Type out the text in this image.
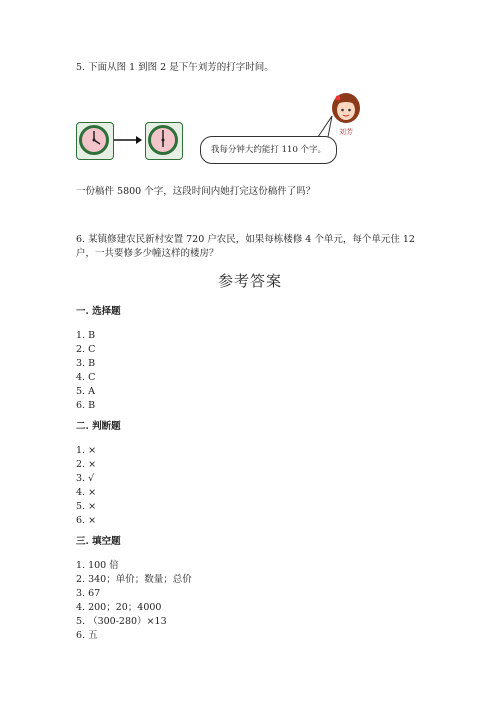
5. 下面从图 1 到图 2 是下午刘芳的打字时间。
我每分钟大约能打 110 个字。
刘芳
一份稿件 5800 个字，这段时间内她打完这份稿件了吗？
6. 某镇修建农民新村安置 720 户农民，如果每栋楼修 4 个单元，每个单元住 12
户，一共要修多少幢这样的楼房？
参考答案
一. 选择题
1. B
2. C
3. B
4. C
5. A
6. B
二. 判断题
1. ×
2. ×
3. √
4. ×
5. ×
6. ×
三. 填空题
1. 100 倍
2. 340；单价；数量；总价
3. 67
4. 200；20；4000
5. （300-280）×13
6. 五
